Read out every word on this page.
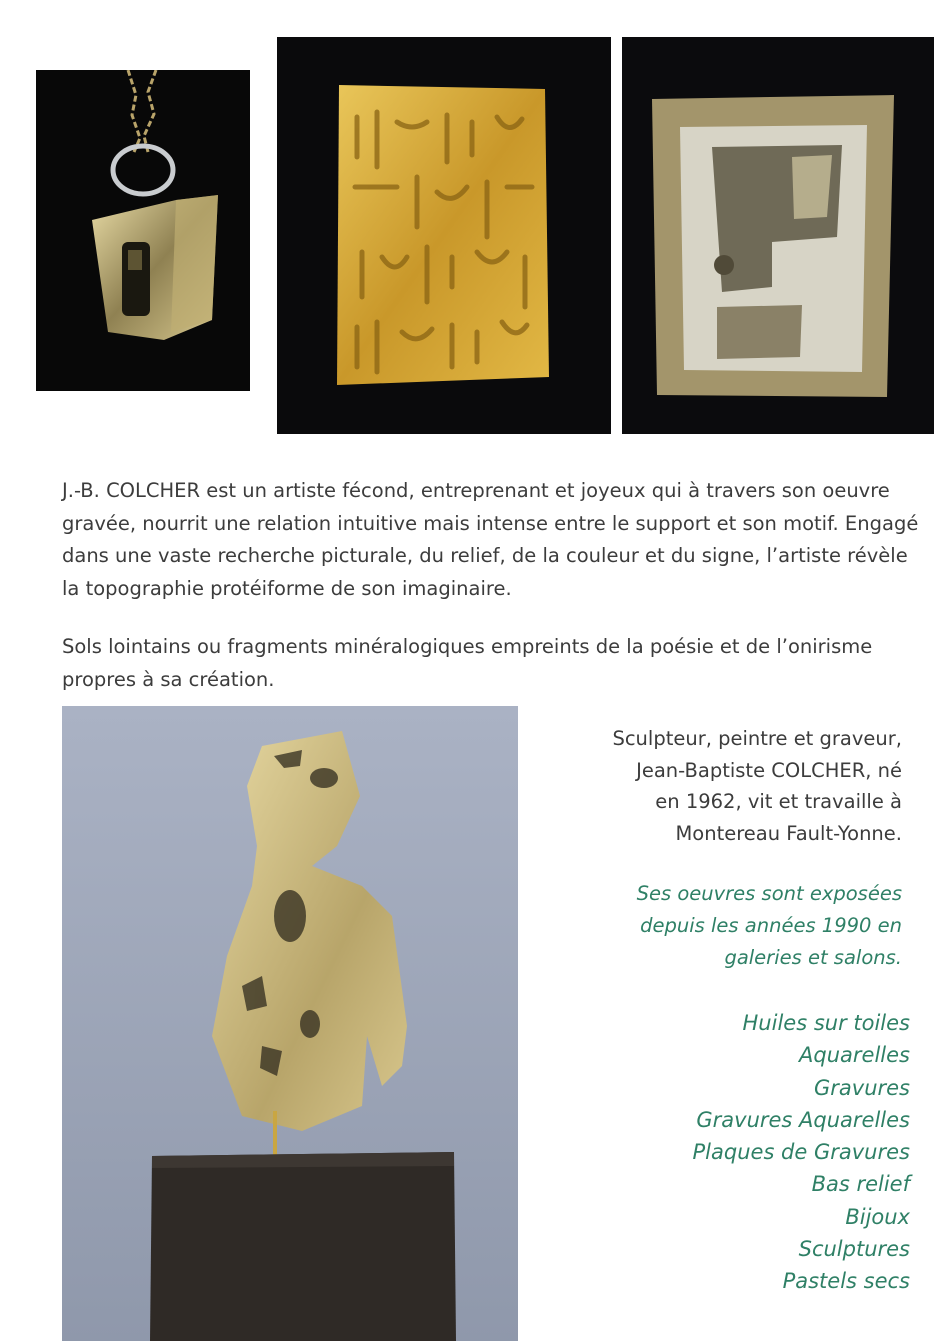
J.-B. COLCHER est un artiste fécond, entreprenant et joyeux qui à travers son oeuvre gravée, nourrit une relation intuitive mais intense entre le support et son motif. Engagé dans une vaste recherche picturale, du relief, de la couleur et du signe, l’artiste révèle la topographie protéiforme de son imaginaire.

Sols lointains ou fragments minéralogiques empreints de la poésie et de l’onirisme propres à sa création.

Sculpteur, peintre et graveur,
Jean-Baptiste COLCHER, né
en 1962, vit et travaille à
Montereau Fault-Yonne.

Ses oeuvres sont exposées
depuis les années 1990 en
galeries et salons.

Huiles sur toiles
Aquarelles
Gravures
Gravures Aquarelles
Plaques de Gravures
Bas relief
Bijoux
Sculptures
Pastels secs
